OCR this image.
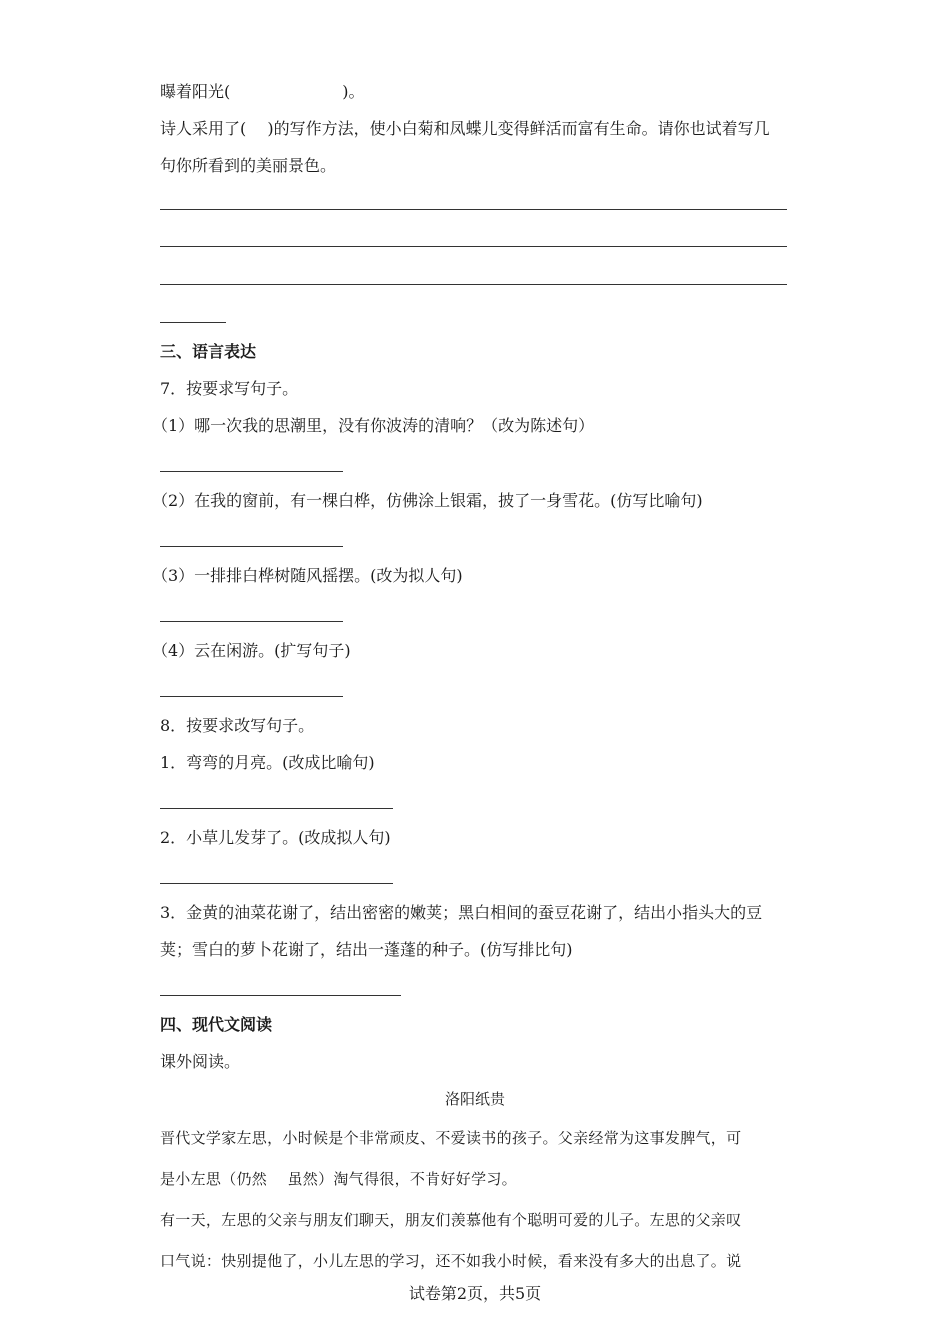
曝着阳光(　　　　　　　)。
诗人采用了(　 )的写作方法，使小白菊和凤蝶儿变得鲜活而富有生命。请你也试着写几
句你所看到的美丽景色。
三、语言表达
7．按要求写句子。
（1）哪一次我的思潮里，没有你波涛的清响？（改为陈述句）
（2）在我的窗前，有一棵白桦，仿佛涂上银霜，披了一身雪花。(仿写比喻句)
（3）一排排白桦树随风摇摆。(改为拟人句)
（4）云在闲游。(扩写句子)
8．按要求改写句子。
1．弯弯的月亮。(改成比喻句)
2．小草儿发芽了。(改成拟人句)
3．金黄的油菜花谢了，结出密密的嫩荚；黑白相间的蚕豆花谢了，结出小指头大的豆
荚；雪白的萝卜花谢了，结出一蓬蓬的种子。(仿写排比句)
四、现代文阅读
课外阅读。
洛阳纸贵
晋代文学家左思，小时候是个非常顽皮、不爱读书的孩子。父亲经常为这事发脾气，可
是小左思（仍然　 虽然）淘气得很，不肯好好学习。
有一天，左思的父亲与朋友们聊天，朋友们羡慕他有个聪明可爱的儿子。左思的父亲叹
口气说：快别提他了，小儿左思的学习，还不如我小时候，看来没有多大的出息了。说
试卷第2页，共5页
